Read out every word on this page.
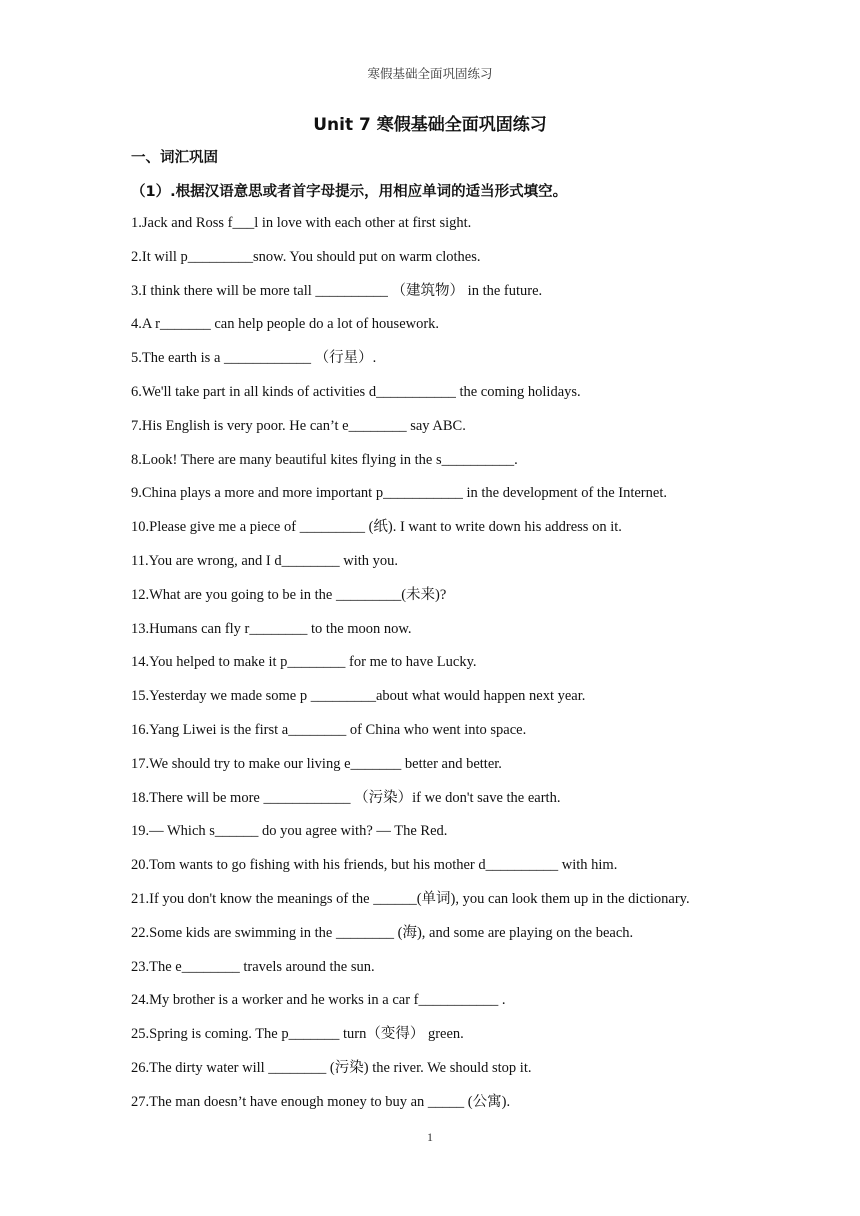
寒假基础全面巩固练习
Unit 7 寒假基础全面巩固练习
一、词汇巩固
（1）.根据汉语意思或者首字母提示，用相应单词的适当形式填空。
1.Jack and Ross f___l in love with each other at first sight.
2.It will p_________snow. You should put on warm clothes.
3.I think there will be more tall __________ （建筑物） in the future.
4.A r_______ can help people do a lot of housework.
5.The earth is a ____________ （行星）.
6.We'll take part in all kinds of activities d___________ the coming holidays.
7.His English is very poor. He can’t e________ say ABC.
8.Look! There are many beautiful kites flying in the s__________.
9.China plays a more and more important p___________ in the development of the Internet.
10.Please give me a piece of _________ (纸). I want to write down his address on it.
11.You are wrong, and I d________ with you.
12.What are you going to be in the _________(未来)?
13.Humans can fly r________ to the moon now.
14.You helped to make it p________ for me to have Lucky.
15.Yesterday we made some p _________about what would happen next year.
16.Yang Liwei is the first a________ of China who went into space.
17.We should try to make our living e_______ better and better.
18.There will be more ____________ （污染）if we don't save the earth.
19.— Which s______ do you agree with? — The Red.
20.Tom wants to go fishing with his friends, but his mother d__________ with him.
21.If you don't know the meanings of the ______(单词), you can look them up in the dictionary.
22.Some kids are swimming in the ________ (海), and some are playing on the beach.
23.The e________ travels around the sun.
24.My brother is a worker and he works in a car f___________ .
25.Spring is coming. The p_______ turn（变得） green.
26.The dirty water will ________ (污染) the river. We should stop it.
27.The man doesn’t have enough money to buy an _____ (公寓).
1
